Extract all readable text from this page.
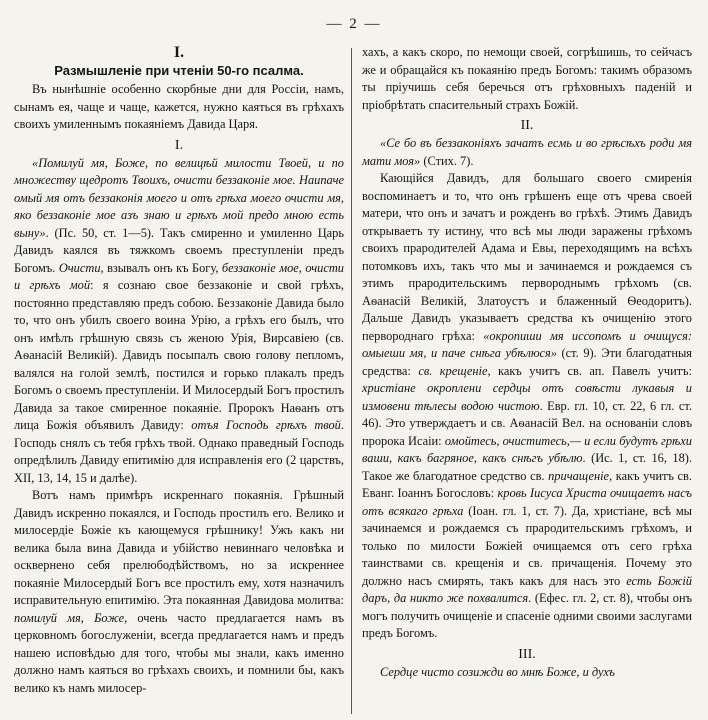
— 2 —
I.
Размышленiе при чтенiи 50-го псалма.

Въ нынѣшнiе особенно скорбные дни для Россiи, намъ, сынамъ ея, чаще и чаще, кажется, нужно каяться въ грѣхахъ своихъ умиленнымъ покаянiемъ Давида Царя.

I.

«Помилуй мя, Боже, по велицѣй милости Твоей, и по множеству щедротъ Твоихъ, очисти беззаконiе мое. Наипаче омый мя отъ беззаконiя моего и отъ грѣха моего очисти мя, яко беззаконiе мое азъ знаю и грѣхъ мой предо мною есть выну». (Пс. 50, ст. 1—5). Такъ смиренно и умиленно Царь Давидъ каялся въ тяжкомъ своемъ преступленiи предъ Богомъ. Очисти, взывалъ онъ къ Богу, беззаконiе мое, очисти и грѣхъ мой: я сознаю свое беззаконiе и свой грѣхъ, постоянно представляю предъ собою. Беззаконiе Давида было то, что онъ убилъ своего воина Урiю, а грѣхъ его былъ, что онъ имѣлъ грѣшную связь съ женою Урiя, Вирсавiею (св. Аѳанасiй Великiй). Давидъ посыпалъ свою голову пепломъ, валялся на голой землѣ, постился и горько плакалъ предъ Богомъ о своемъ преступленiи. И Милосердый Богъ простилъ Давида за такое смиренное покаянiе. Пророкъ Наѳанъ отъ лица Божiя объявилъ Давиду: отъя Господь грѣхъ твой. Господь снялъ съ тебя грѣхъ твой. Однако праведный Господь опредѣлилъ Давиду епитимiю для исправленiя его (2 царствъ, XII, 13, 14, 15 и далѣе).

Вотъ намъ примѣръ искреннаго покаянiя. Грѣшный Давидъ искренно покаялся, и Господь простилъ его. Велико и милосердiе Божiе къ кающемуся грѣшнику! Ужъ какъ ни велика была вина Давида и убiйство невиннаго человѣка и осквернено себя прелюбодѣйствомъ, но за искреннее покаянiе Милосердый Богъ все простилъ ему, хотя назначилъ исправительную епитимiю. Эта покаянная Давидова молитва: помилуй мя, Боже, очень часто предлагается намъ въ церковномъ богослуженiи, всегда предлагается намъ и предъ нашею исповѣдью для того, чтобы мы знали, какъ именно должно намъ каяться во грѣхахъ своихъ, и помнили бы, какъ велико къ намъ милосер-

хахъ, а какъ скоро, по немощи своей, согрѣшишь, то сейчасъ же и обращайся къ покаянiю предъ Богомъ: такимъ образомъ ты прiучишь себя беречься отъ грѣховныхъ паденiй и прiобрѣтать спасительный страхъ Божiй.

II.

«Се бо въ беззаконiяхъ зачатъ есмь и во грѣсѣхъ роди мя мати моя» (Стих. 7).

Кающiйся Давидъ, для большаго своего смиренiя воспоминаетъ и то, что онъ грѣшенъ еще отъ чрева своей матери, что онъ и зачатъ и рожденъ во грѣхѣ. Этимъ Давидъ открываетъ ту истину, что всѣ мы люди заражены грѣхомъ своихъ прародителей Адама и Евы, переходящимъ на всѣхъ потомковъ ихъ, такъ что мы и зачинаемся и рождаемся съ этимъ прародительскимъ первороднымъ грѣхомъ (св. Аѳанасiй Великiй, Златоустъ и блаженный Ѳеодоритъ). Дальше Давидъ указываетъ средства къ очищенiю этого первороднаго грѣха: «окропиши мя иссопомъ и очищуся: омыеши мя, и паче снѣга убѣлюся» (ст. 9). Эти благодатныя средства: св. крещенiе, какъ учитъ св. ап. Павелъ учитъ: христiане окроплени сердцы отъ совѣсти лукавыя и измовени тѣлесы водою чистою. Евр. гл. 10, ст. 22, 6 гл. ст. 46). Это утверждаетъ и св. Аѳанасiй Вел. на основанiи словъ пророка Исаiи: омойтесь, очиститесь,— и если будутъ грѣхи ваши, какъ багряное, какъ снѣгъ убѣлю. (Ис. 1, ст. 16, 18). Такое же благодатное средство св. причащенiе, какъ учитъ св. Еванг. Iоаннъ Богословъ: кровь Iисуса Христа очищаетъ насъ отъ всякаго грѣха (Iоан. гл. 1, ст. 7). Да, христiане, всѣ мы зачинаемся и рождаемся съ прародительскимъ грѣхомъ, и только по милости Божiей очищаемся отъ сего грѣха таинствами св. крещенiя и св. причащенiя. Почему это должно насъ смирять, такъ какъ для насъ это есть Божiй даръ, да никто же похвалится. (Ефес. гл. 2, ст. 8), чтобы онъ могъ получить очищенiе и спасенiе одними своими заслугами предъ Богомъ.

III.

Сердце чисто созижди во мнѣ Боже, и духъ
